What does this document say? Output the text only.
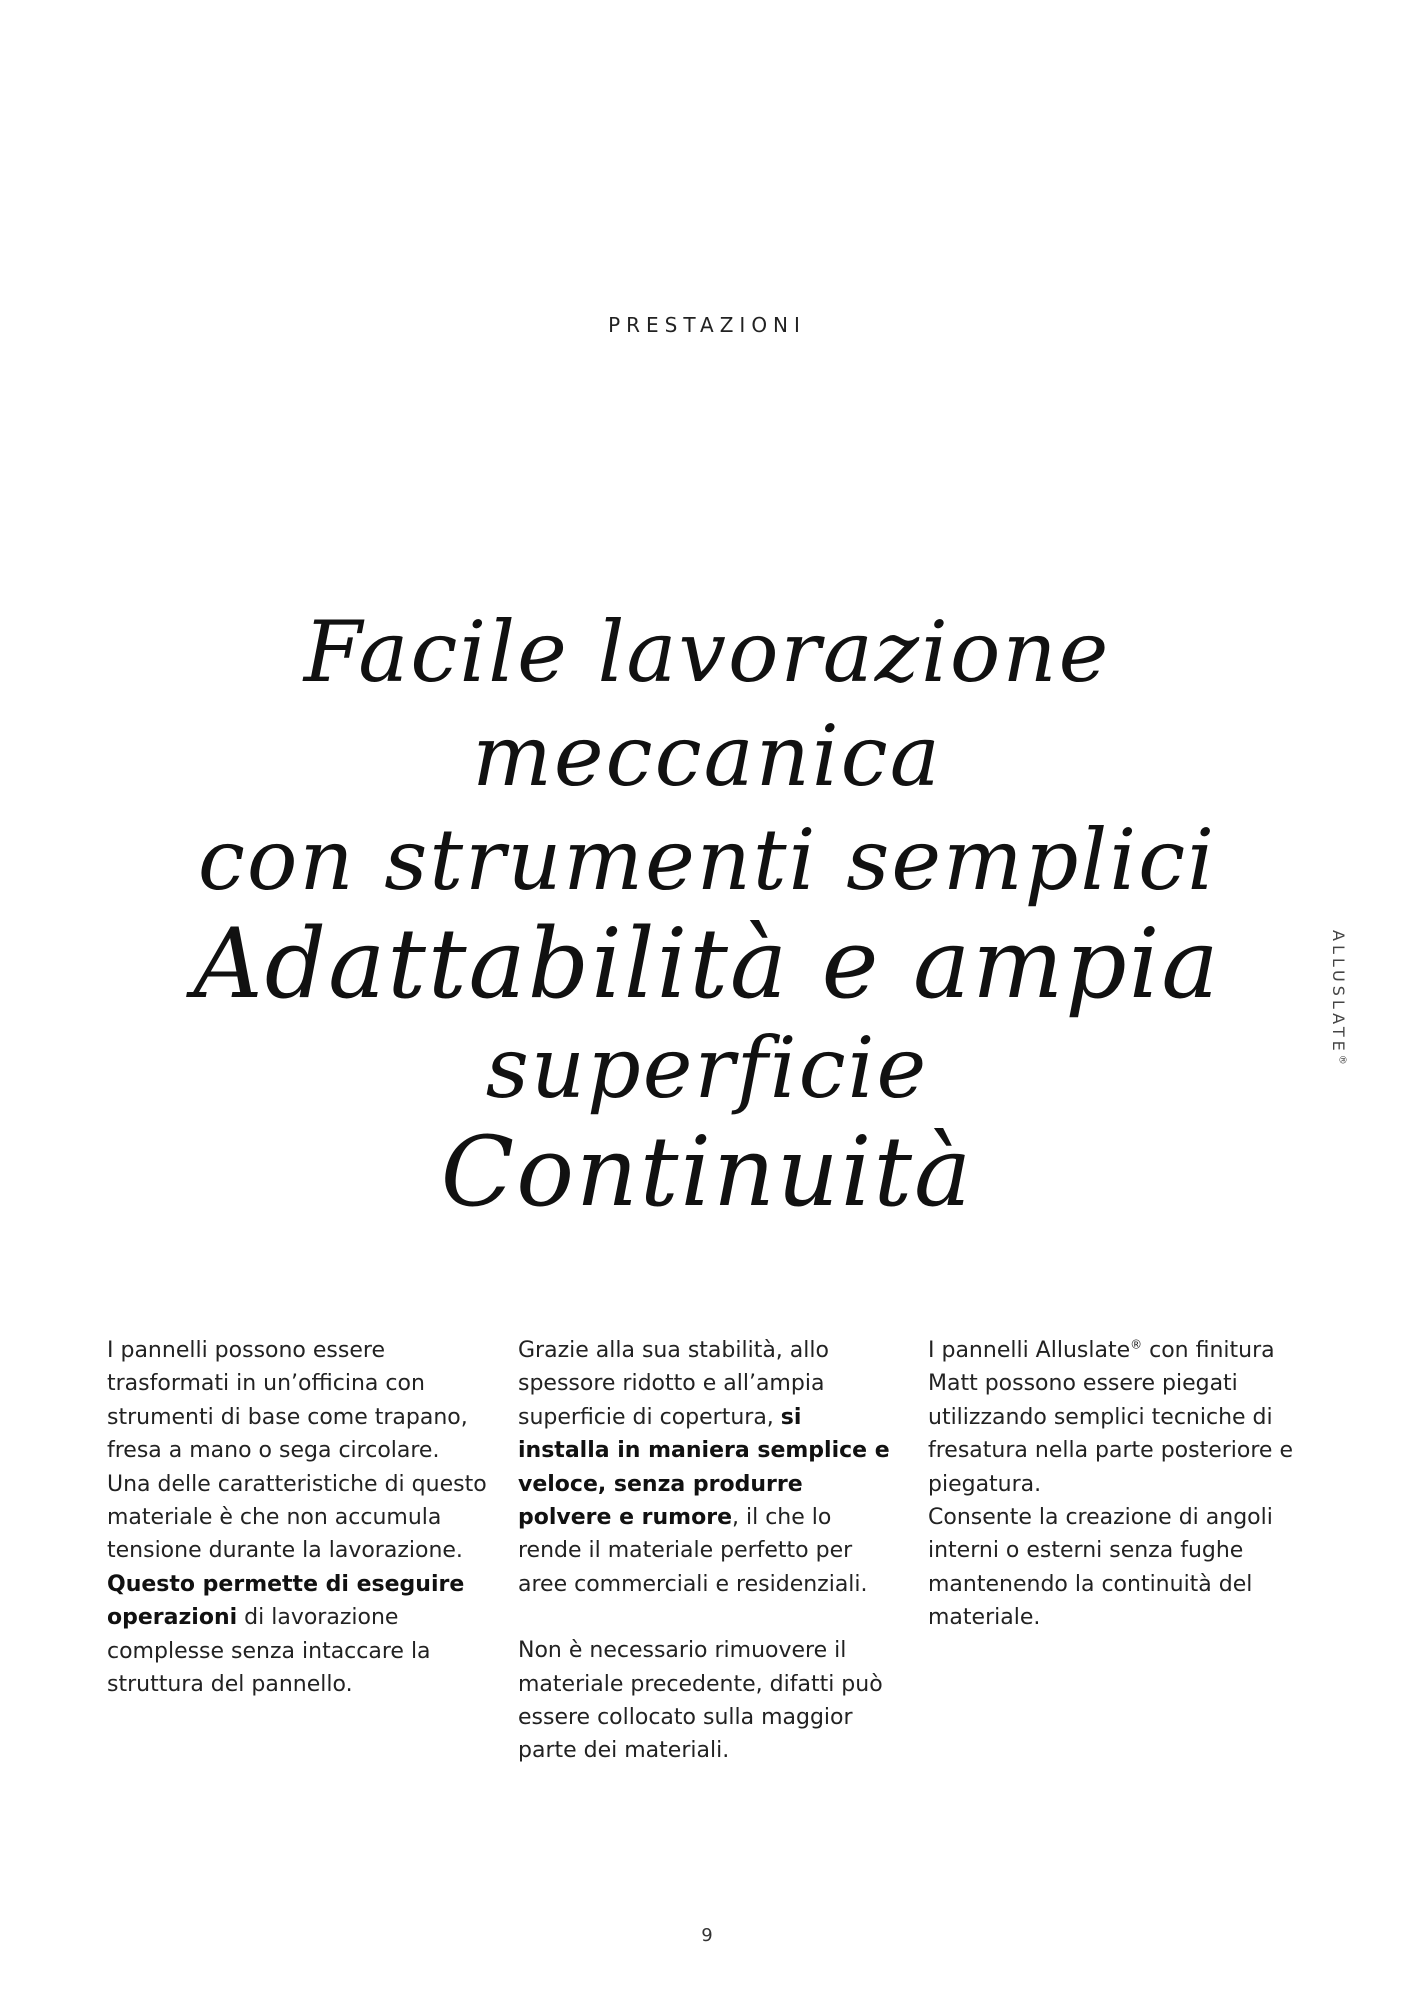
PRESTAZIONI
ALLUSLATE®
Facile lavorazione meccanica
con strumenti semplici
Adattabilità e ampia
superficie
Continuità

I pannelli possono essere trasformati in un’officina con strumenti di base come trapano, fresa a mano o sega circolare. Una delle caratteristiche di questo materiale è che non accumula tensione durante la lavorazione.
Questo permette di eseguire operazioni di lavorazione complesse senza intaccare la struttura del pannello.

Grazie alla sua stabilità, allo spessore ridotto e all’ampia superficie di copertura, si installa in maniera semplice e veloce, senza produrre polvere e rumore, il che lo rende il materiale perfetto per aree commerciali e residenziali.

Non è necessario rimuovere il materiale precedente, difatti può essere collocato sulla maggior parte dei materiali.

I pannelli Alluslate® con finitura Matt possono essere piegati utilizzando semplici tecniche di fresatura nella parte posteriore e piegatura.
Consente la creazione di angoli interni o esterni senza fughe mantenendo la continuità del materiale.

9
